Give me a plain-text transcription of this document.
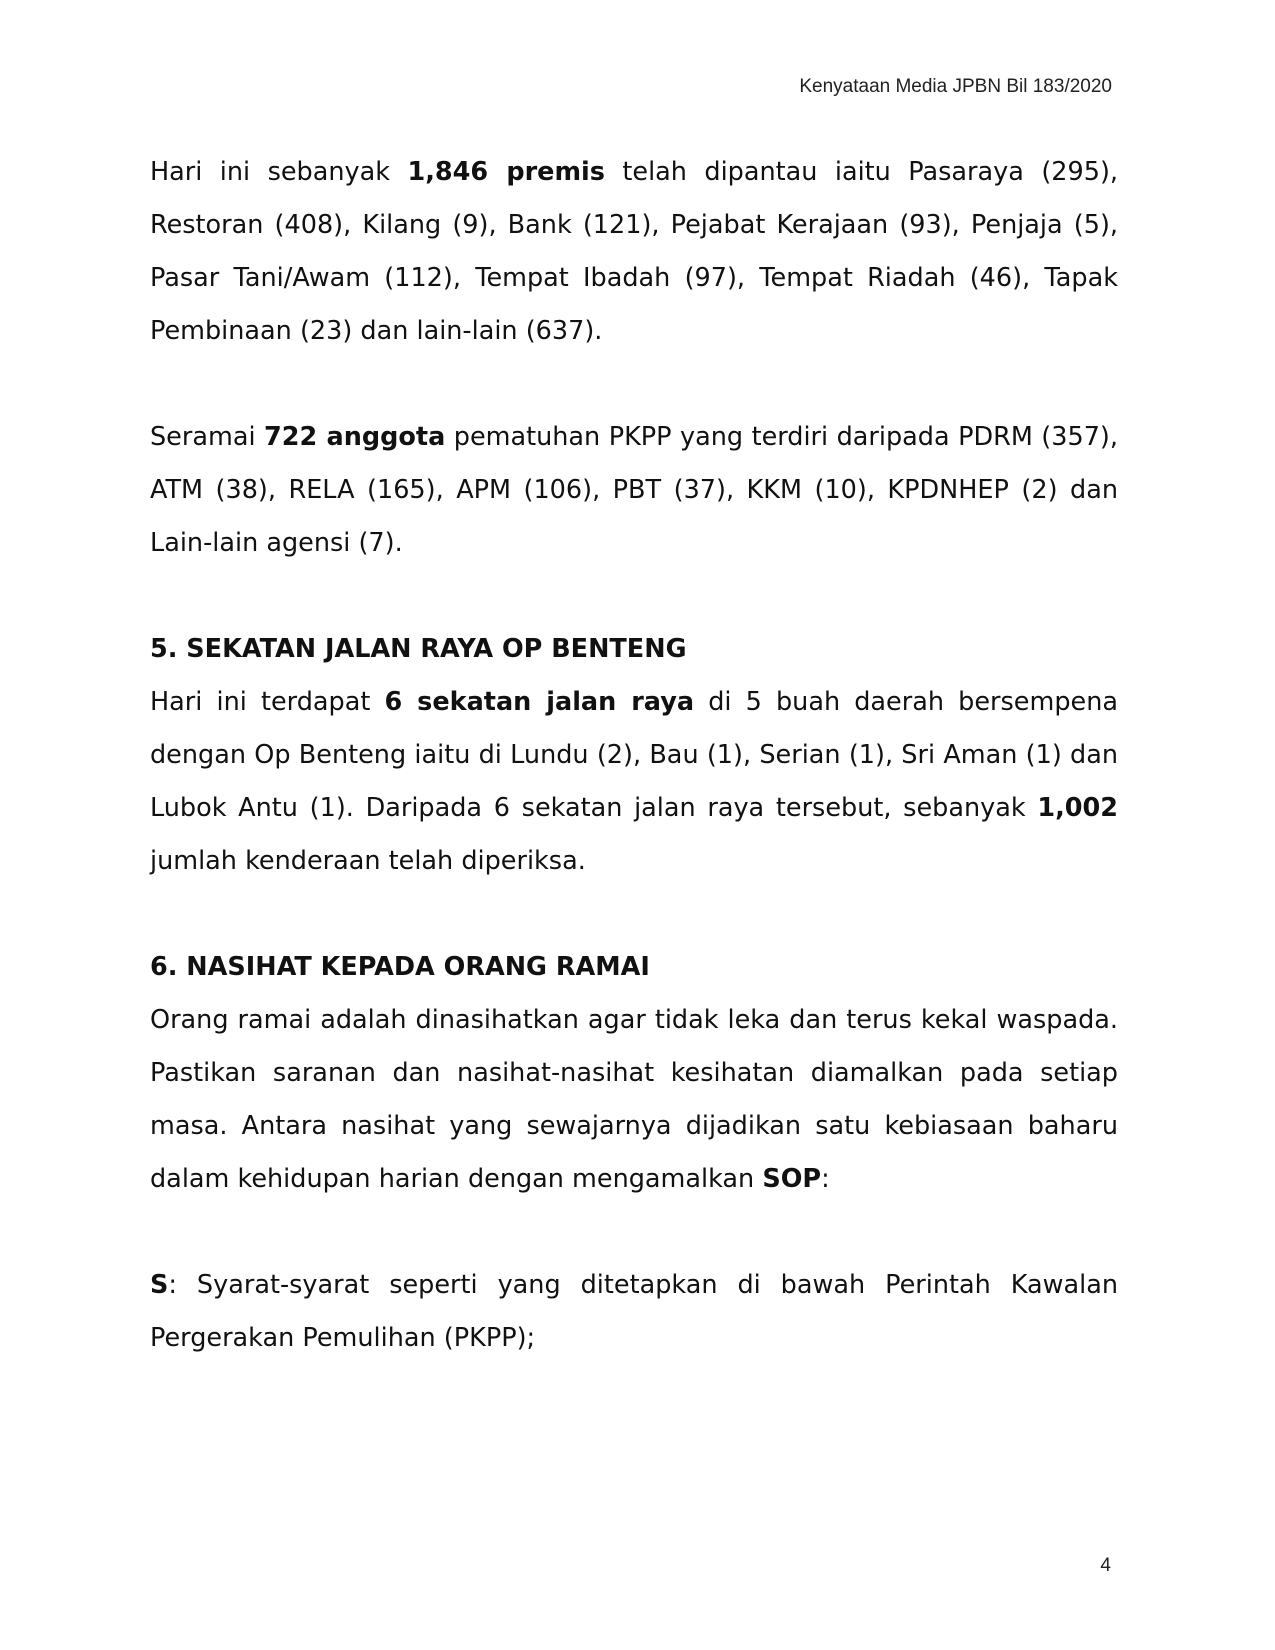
Kenyataan Media JPBN Bil 183/2020

Hari ini sebanyak 1,846 premis telah dipantau iaitu Pasaraya (295), Restoran (408), Kilang (9), Bank (121), Pejabat Kerajaan (93), Penjaja (5), Pasar Tani/Awam (112), Tempat Ibadah (97), Tempat Riadah (46), Tapak Pembinaan (23) dan lain-lain (637).

Seramai 722 anggota pematuhan PKPP yang terdiri daripada PDRM (357), ATM (38), RELA (165), APM (106), PBT (37), KKM (10), KPDNHEP (2) dan Lain-lain agensi (7).

5. SEKATAN JALAN RAYA OP BENTENG

Hari ini terdapat 6 sekatan jalan raya di 5 buah daerah bersempena dengan Op Benteng iaitu di Lundu (2), Bau (1), Serian (1), Sri Aman (1) dan Lubok Antu (1). Daripada 6 sekatan jalan raya tersebut, sebanyak 1,002 jumlah kenderaan telah diperiksa.

6. NASIHAT KEPADA ORANG RAMAI

Orang ramai adalah dinasihatkan agar tidak leka dan terus kekal waspada. Pastikan saranan dan nasihat-nasihat kesihatan diamalkan pada setiap masa. Antara nasihat yang sewajarnya dijadikan satu kebiasaan baharu dalam kehidupan harian dengan mengamalkan SOP:

S: Syarat-syarat seperti yang ditetapkan di bawah Perintah Kawalan Pergerakan Pemulihan (PKPP);

4
